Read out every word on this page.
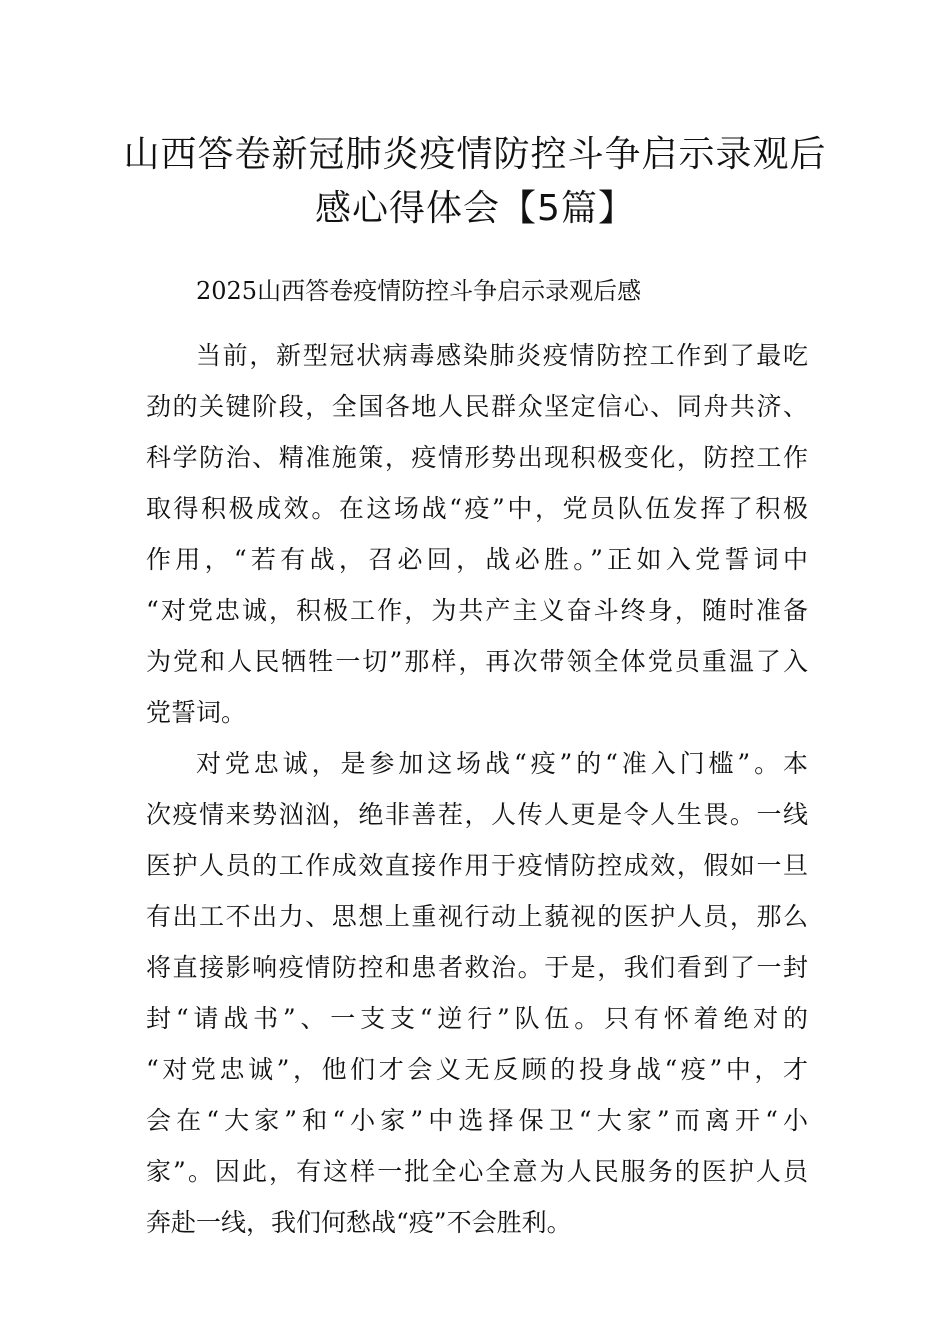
山西答卷新冠肺炎疫情防控斗争启示录观后感心得体会【5篇】

2025山西答卷疫情防控斗争启示录观后感

当前，新型冠状病毒感染肺炎疫情防控工作到了最吃
劲的关键阶段，全国各地人民群众坚定信心、同舟共济、
科学防治、精准施策，疫情形势出现积极变化，防控工作
取得积极成效。在这场战“疫”中，党员队伍发挥了积极
作用，“若有战，召必回，战必胜。”正如入党誓词中
“对党忠诚，积极工作，为共产主义奋斗终身，随时准备
为党和人民牺牲一切”那样，再次带领全体党员重温了入
党誓词。

对党忠诚，是参加这场战“疫”的“准入门槛”。本
次疫情来势汹汹，绝非善茬，人传人更是令人生畏。一线
医护人员的工作成效直接作用于疫情防控成效，假如一旦
有出工不出力、思想上重视行动上藐视的医护人员，那么
将直接影响疫情防控和患者救治。于是，我们看到了一封
封“请战书”、一支支“逆行”队伍。只有怀着绝对的
“对党忠诚”，他们才会义无反顾的投身战“疫”中，才
会在“大家”和“小家”中选择保卫“大家”而离开“小
家”。因此，有这样一批全心全意为人民服务的医护人员
奔赴一线，我们何愁战“疫”不会胜利。
